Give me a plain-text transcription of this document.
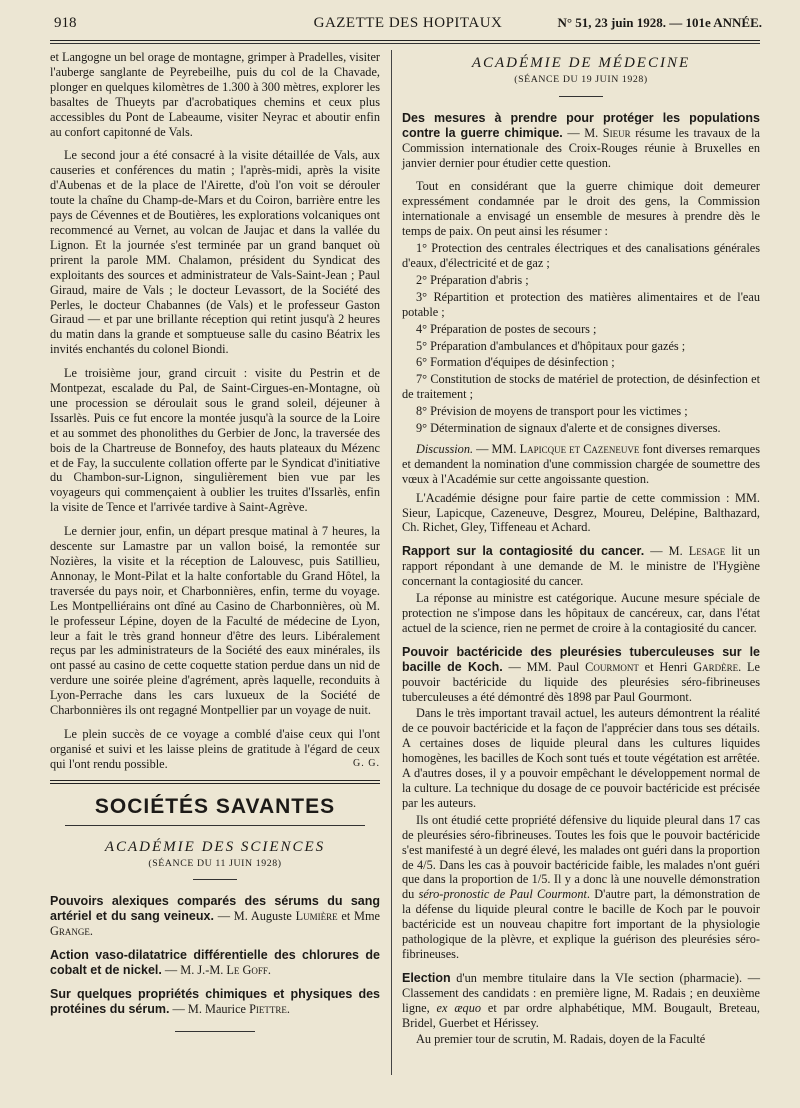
918	GAZETTE DES HOPITAUX	N° 51, 23 juin 1928. — 101e ANNÉE.

et Langogne un bel orage de montagne, grimper à Pradelles, visiter l'auberge sanglante de Peyrebeilhe, puis du col de la Chavade, plonger en quelques kilomètres de 1.300 à 300 mètres, explorer les basaltes de Thueyts par d'acrobatiques chemins et ceux plus accessibles du Pont de Labeaume, visiter Neyrac et aboutir enfin au confort capitonné de Vals.

Le second jour a été consacré à la visite détaillée de Vals, aux causeries et conférences du matin ; l'après-midi, après la visite d'Aubenas et de la place de l'Airette, d'où l'on voit se dérouler toute la chaîne du Champ-de-Mars et du Coiron, barrière entre les pays de Cévennes et de Boutières, les explorations volcaniques ont recommencé au Vernet, au volcan de Jaujac et dans la vallée du Lignon. Et la journée s'est terminée par un grand banquet où prirent la parole MM. Chalamon, président du Syndicat des exploitants des sources et administrateur de Vals-Saint-Jean ; Paul Giraud, maire de Vals ; le docteur Levassort, de la Société des Perles, le docteur Chabannes (de Vals) et le professeur Gaston Giraud — et par une brillante réception qui retint jusqu'à 2 heures du matin dans la grande et somptueuse salle du casino Béatrix les invités enchantés du colonel Biondi.

Le troisième jour, grand circuit : visite du Pestrin et de Montpezat, escalade du Pal, de Saint-Cirgues-en-Montagne, où une procession se déroulait sous le grand soleil, déjeuner à Issarlès. Puis ce fut encore la montée jusqu'à la source de la Loire et au sommet des phonolithes du Gerbier de Jonc, la traversée des bois de la Chartreuse de Bonnefoy, des hauts plateaux du Mézenc et de Fay, la succulente collation offerte par le Syndicat d'initiative du Chambon-sur-Lignon, singulièrement bien vue par les voyageurs qui commençaient à oublier les truites d'Issarlès, enfin la visite de Tence et l'arrivée tardive à Saint-Agrève.

Le dernier jour, enfin, un départ presque matinal à 7 heures, la descente sur Lamastre par un vallon boisé, la remontée sur Nozières, la visite et la réception de Lalouvesc, puis Satillieu, Annonay, le Mont-Pilat et la halte confortable du Grand Hôtel, la traversée du pays noir, et Charbonnières, enfin, terme du voyage. Les Montpelliérains ont dîné au Casino de Charbonnières, où M. le professeur Lépine, doyen de la Faculté de médecine de Lyon, leur a fait le très grand honneur d'être des leurs. Libéralement reçus par les administrateurs de la Société des eaux minérales, ils ont passé au casino de cette coquette station perdue dans un nid de verdure une soirée pleine d'agrément, après laquelle, reconduits à Lyon-Perrache dans les cars luxueux de la Société de Charbonnières ils ont regagné Montpellier par un voyage de nuit.

Le plein succès de ce voyage a comblé d'aise ceux qui l'ont organisé et suivi et les laisse pleins de gratitude à l'égard de ceux qui l'ont rendu possible.	G. G.

SOCIÉTÉS SAVANTES
ACADÉMIE DES SCIENCES
(SÉANCE DU 11 JUIN 1928)

Pouvoirs alexiques comparés des sérums du sang artériel et du sang veineux. — M. Auguste Lumière et Mme Grange.

Action vaso-dilatatrice différentielle des chlorures de cobalt et de nickel. — M. J.-M. Le Goff.

Sur quelques propriétés chimiques et physiques des protéines du sérum. — M. Maurice Piettre.

ACADÉMIE DE MÉDECINE
(SÉANCE DU 19 JUIN 1928)

Des mesures à prendre pour protéger les populations contre la guerre chimique. — M. Sieur résume les travaux de la Commission internationale des Croix-Rouges réunie à Bruxelles en janvier dernier pour étudier cette question.

Tout en considérant que la guerre chimique doit demeurer expressément condamnée par le droit des gens, la Commission internationale a envisagé un ensemble de mesures à prendre dès le temps de paix. On peut ainsi les résumer :

1° Protection des centrales électriques et des canalisations générales d'eaux, d'électricité et de gaz ;

2° Préparation d'abris ;

3° Répartition et protection des matières alimentaires et de l'eau potable ;

4° Préparation de postes de secours ;

5° Préparation d'ambulances et d'hôpitaux pour gazés ;

6° Formation d'équipes de désinfection ;

7° Constitution de stocks de matériel de protection, de désinfection et de traitement ;

8° Prévision de moyens de transport pour les victimes ;

9° Détermination de signaux d'alerte et de consignes diverses.

Discussion. — MM. Lapicque et Cazeneuve font diverses remarques et demandent la nomination d'une commission chargée de soumettre des vœux à l'Académie sur cette angoissante question.

L'Académie désigne pour faire partie de cette commission : MM. Sieur, Lapicque, Cazeneuve, Desgrez, Moureu, Delépine, Balthazard, Ch. Richet, Gley, Tiffeneau et Achard.

Rapport sur la contagiosité du cancer. — M. Lesage lit un rapport répondant à une demande de M. le ministre de l'Hygiène concernant la contagiosité du cancer.

La réponse au ministre est catégorique. Aucune mesure spéciale de protection ne s'impose dans les hôpitaux de cancéreux, car, dans l'état actuel de la science, rien ne permet de croire à la contagiosité du cancer.

Pouvoir bactéricide des pleurésies tuberculeuses sur le bacille de Koch. — MM. Paul Courmont et Henri Gardère. Le pouvoir bactéricide du liquide des pleurésies séro-fibrineuses tuberculeuses a été démontré dès 1898 par Paul Gourmont.

Dans le très important travail actuel, les auteurs démontrent la réalité de ce pouvoir bactéricide et la façon de l'apprécier dans tous ses détails. A certaines doses de liquide pleural dans les cultures liquides homogènes, les bacilles de Koch sont tués et toute végétation est arrêtée. A d'autres doses, il y a pouvoir empêchant le développement normal de la culture. La technique du dosage de ce pouvoir bactéricide est précisée par les auteurs.

Ils ont étudié cette propriété défensive du liquide pleural dans 17 cas de pleurésies séro-fibrineuses. Toutes les fois que le pouvoir bactéricide s'est manifesté à un degré élevé, les malades ont guéri dans la proportion de 4/5. Dans les cas à pouvoir bactéricide faible, les malades n'ont guéri que dans la proportion de 1/5. Il y a donc là une nouvelle démonstration du séro-pronostic de Paul Courmont. D'autre part, la démonstration de la défense du liquide pleural contre le bacille de Koch par le pouvoir bactéricide est un nouveau chapitre fort important de la physiologie pathologique de la plèvre, et explique la guérison des pleurésies séro-fibrineuses.

Election d'un membre titulaire dans la VIe section (pharmacie). — Classement des candidats : en première ligne, M. Radais ; en deuxième ligne, ex æquo et par ordre alphabétique, MM. Bougault, Breteau, Bridel, Guerbet et Hérissey.

Au premier tour de scrutin, M. Radais, doyen de la Faculté
